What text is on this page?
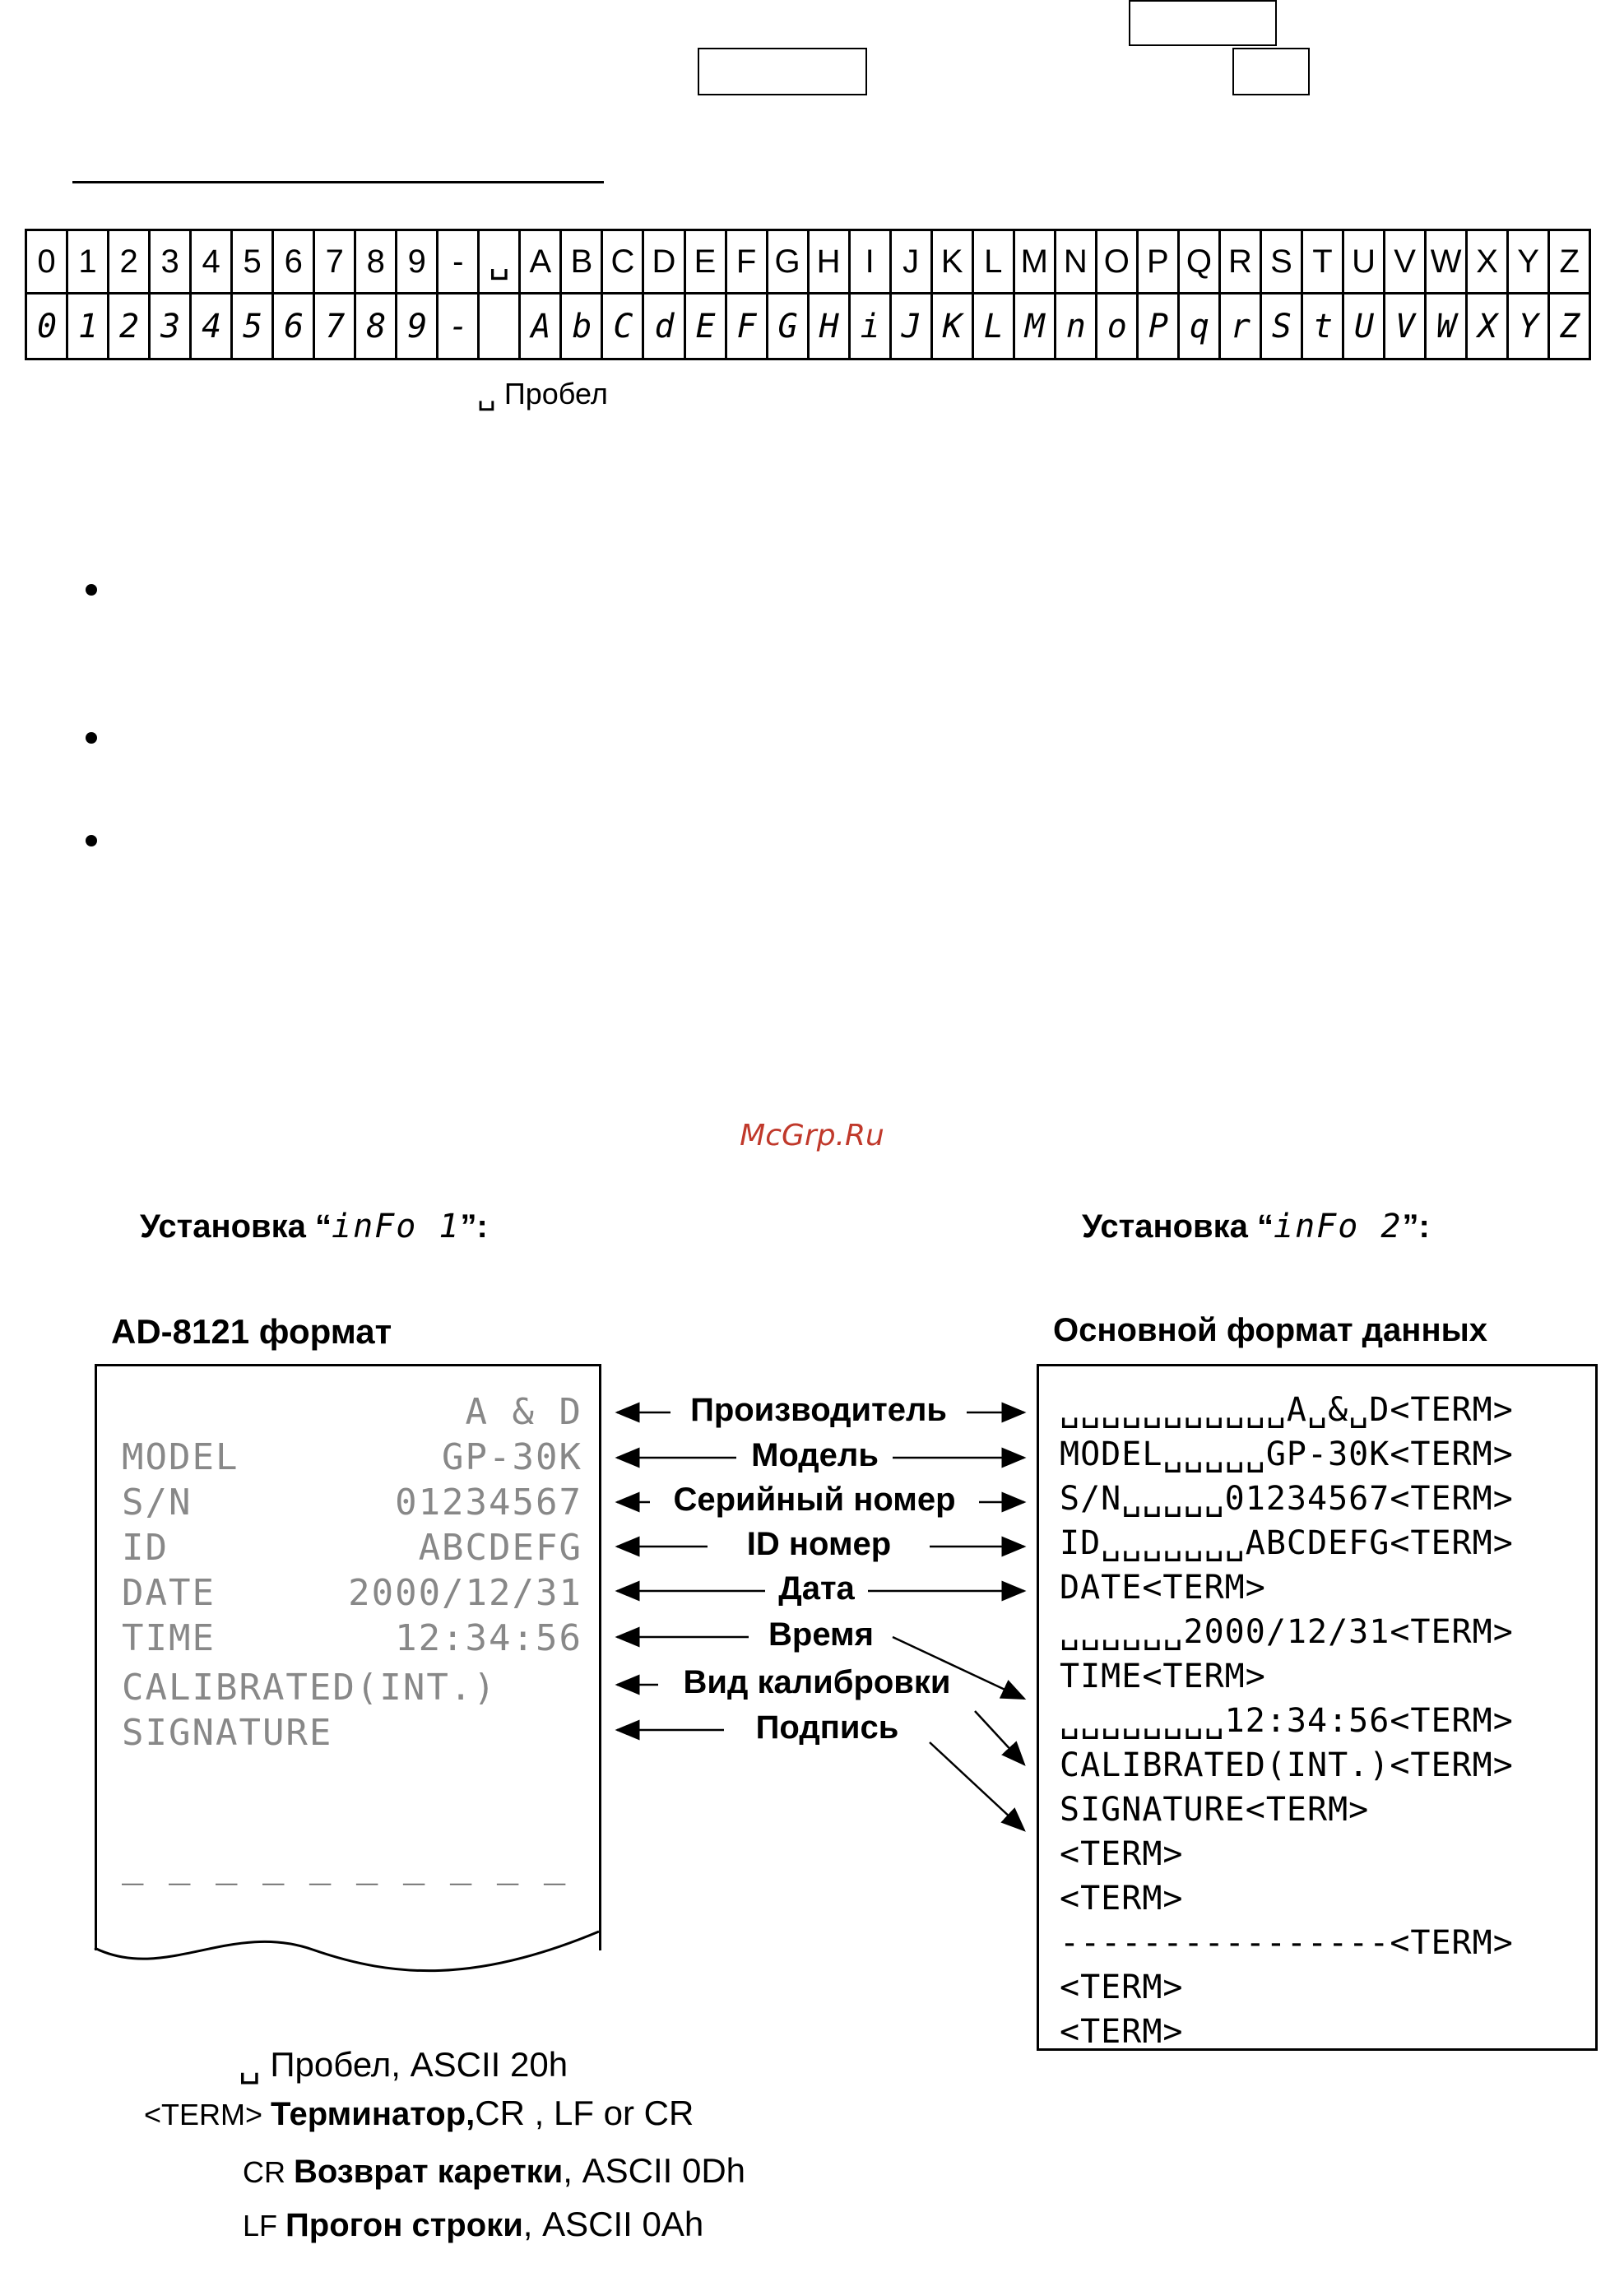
0 1 2 3 4 5 6 7 8 9 - ␣ A B C D E F G H I J K L M N O P Q R S T U V W X Y Z
0 1 2 3 4 5 6 7 8 9 -	A b C d E F G H i J K L M n o P q r S t U V W X Y Z
␣ Пробел
McGrp.Ru
Установка “inFo 1”:	Установка “inFo 2”:
AD-8121 формат	Основной формат данных
A & D
MODEL	GP-30K
S/N	01234567
ID	ABCDEFG
DATE	2000/12/31
TIME	12:34:56
CALIBRATED(INT.)
SIGNATURE
_ _ _ _ _ _ _ _ _ _
Производитель
Модель
Серийный номер
ID номер
Дата
Время
Вид калибровки
Подпись
␣␣␣␣␣␣␣␣␣␣␣A␣&␣D<TERM>
MODEL␣␣␣␣␣GP-30K<TERM>
S/N␣␣␣␣␣01234567<TERM>
ID␣␣␣␣␣␣␣ABCDEFG<TERM>
DATE<TERM>
␣␣␣␣␣␣2000/12/31<TERM>
TIME<TERM>
␣␣␣␣␣␣␣␣12:34:56<TERM>
CALIBRATED(INT.)<TERM>
SIGNATURE<TERM>
<TERM>
<TERM>
----------------<TERM>
<TERM>
<TERM>
␣ Пробел, ASCII 20h
<TERM> Терминатор,CR , LF or CR
CR Возврат каретки, ASCII 0Dh
LF Прогон строки, ASCII 0Ah
